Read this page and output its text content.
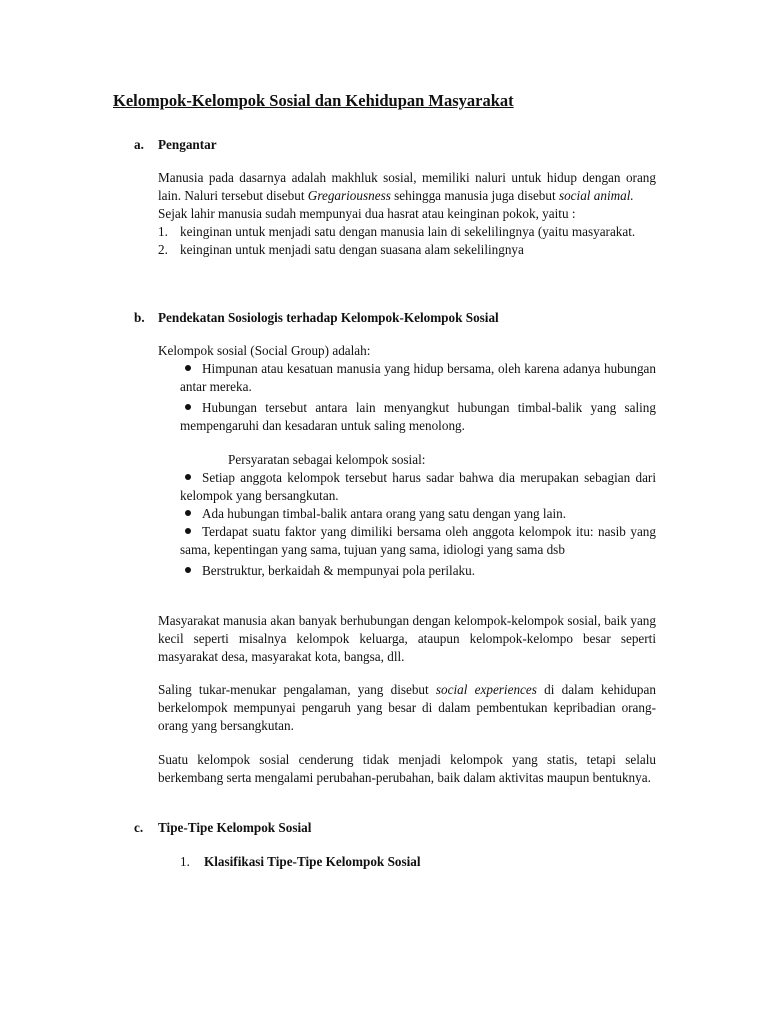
Kelompok-Kelompok Sosial dan Kehidupan Masyarakat
a. Pengantar
Manusia pada dasarnya adalah makhluk sosial, memiliki naluri untuk hidup dengan orang lain. Naluri tersebut disebut Gregariousness sehingga manusia juga disebut social animal.
Sejak lahir manusia sudah mempunyai dua hasrat atau keinginan pokok, yaitu :
1. keinginan untuk menjadi satu dengan manusia lain di sekelilingnya (yaitu masyarakat.
2. keinginan untuk menjadi satu dengan suasana alam sekelilingnya
b. Pendekatan Sosiologis terhadap Kelompok-Kelompok Sosial
Kelompok sosial (Social Group) adalah:
Himpunan atau kesatuan manusia yang hidup bersama, oleh karena adanya hubungan antar mereka.
Hubungan tersebut antara lain menyangkut hubungan timbal-balik yang saling mempengaruhi dan kesadaran untuk saling menolong.
Persyaratan sebagai kelompok sosial:
Setiap anggota kelompok tersebut harus sadar bahwa dia merupakan sebagian dari kelompok yang bersangkutan.
Ada hubungan timbal-balik antara orang yang satu dengan yang lain.
Terdapat suatu faktor yang dimiliki bersama oleh anggota kelompok itu: nasib yang sama, kepentingan yang sama, tujuan yang sama, idiologi yang sama dsb
Berstruktur, berkaidah & mempunyai pola perilaku.
Masyarakat manusia akan banyak berhubungan dengan kelompok-kelompok sosial, baik yang kecil seperti misalnya kelompok keluarga, ataupun kelompok-kelompo besar seperti masyarakat desa, masyarakat kota, bangsa, dll.
Saling tukar-menukar pengalaman, yang disebut social experiences di dalam kehidupan berkelompok mempunyai pengaruh yang besar di dalam pembentukan kepribadian orang-orang yang bersangkutan.
Suatu kelompok sosial cenderung tidak menjadi kelompok yang statis, tetapi selalu berkembang serta mengalami perubahan-perubahan, baik dalam aktivitas maupun bentuknya.
c. Tipe-Tipe Kelompok Sosial
1. Klasifikasi Tipe-Tipe Kelompok Sosial
